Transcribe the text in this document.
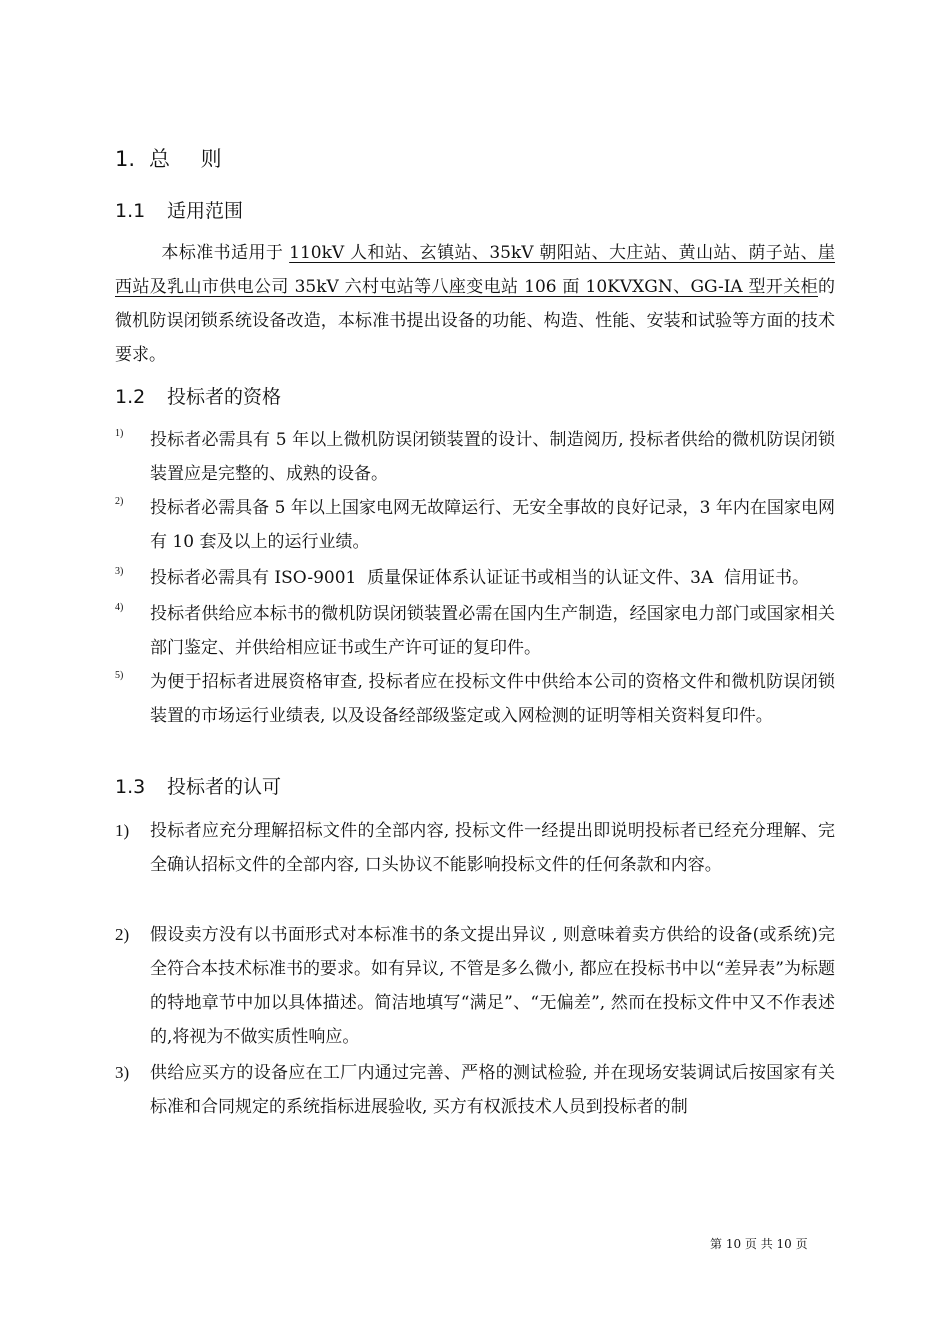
1. 总 则
1.1 适用范围
本标准书适用于 110kV 人和站、玄镇站、35kV 朝阳站、大庄站、黄山站、荫子站、崖西站及乳山市供电公司 35kV 六村屯站等八座变电站 106 面 10KVXGN、GG-IA 型开关柜的微机防误闭锁系统设备改造，本标准书提出设备的功能、构造、性能、安装和试验等方面的技术要求。
1.2 投标者的资格
1) 投标者必需具有 5 年以上微机防误闭锁装置的设计、制造阅历, 投标者供给的微机防误闭锁装置应是完整的、成熟的设备。
2) 投标者必需具备 5 年以上国家电网无故障运行、无安全事故的良好记录，3 年内在国家电网有 10 套及以上的运行业绩。
3) 投标者必需具有 ISO-9001  质量保证体系认证证书或相当的认证文件、3A  信用证书。
4) 投标者供给应本标书的微机防误闭锁装置必需在国内生产制造，经国家电力部门或国家相关部门鉴定、并供给相应证书或生产许可证的复印件。
5) 为便于招标者进展资格审查, 投标者应在投标文件中供给本公司的资格文件和微机防误闭锁装置的市场运行业绩表, 以及设备经部级鉴定或入网检测的证明等相关资料复印件。
1.3 投标者的认可
1) 投标者应充分理解招标文件的全部内容, 投标文件一经提出即说明投标者已经充分理解、完全确认招标文件的全部内容, 口头协议不能影响投标文件的任何条款和内容。
2) 假设卖方没有以书面形式对本标准书的条文提出异议 , 则意味着卖方供给的设备(或系统)完全符合本技术标准书的要求。如有异议, 不管是多么微小, 都应在投标书中以“差异表”为标题的特地章节中加以具体描述。简洁地填写“满足”、“无偏差”, 然而在投标文件中又不作表述的,将视为不做实质性响应。
3) 供给应买方的设备应在工厂内通过完善、严格的测试检验, 并在现场安装调试后按国家有关标准和合同规定的系统指标进展验收, 买方有权派技术人员到投标者的制
第 10 页 共 10 页
